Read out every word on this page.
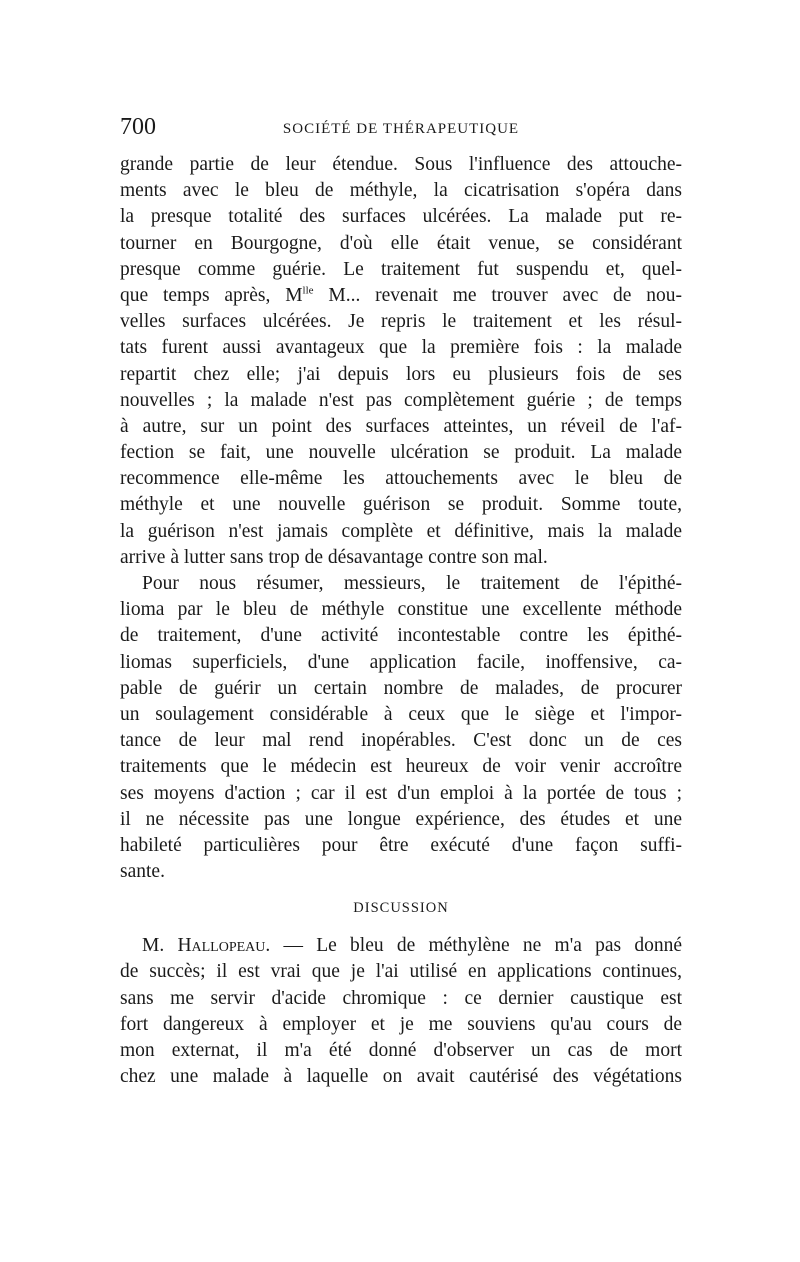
700	SOCIÉTÉ DE THÉRAPEUTIQUE
grande partie de leur étendue. Sous l'influence des attouche-
ments avec le bleu de méthyle, la cicatrisation s'opéra dans
la presque totalité des surfaces ulcérées. La malade put re-
tourner en Bourgogne, d'où elle était venue, se considérant
presque comme guérie. Le traitement fut suspendu et, quel-
que temps après, $M^{lle}$ M... revenait me trouver avec de nou-
velles surfaces ulcérées. Je repris le traitement et les résul-
tats furent aussi avantageux que la première fois : la malade
repartit chez elle; j'ai depuis lors eu plusieurs fois de ses
nouvelles ; la malade n'est pas complètement guérie ; de temps
à autre, sur un point des surfaces atteintes, un réveil de l'af-
fection se fait, une nouvelle ulcération se produit. La malade
recommence elle-même les attouchements avec le bleu de
méthyle et une nouvelle guérison se produit. Somme toute,
la guérison n'est jamais complète et définitive, mais la malade
arrive à lutter sans trop de désavantage contre son mal.
Pour nous résumer, messieurs, le traitement de l'épithé-
lioma par le bleu de méthyle constitue une excellente méthode
de traitement, d'une activité incontestable contre les épithé-
liomas superficiels, d'une application facile, inoffensive, ca-
pable de guérir un certain nombre de malades, de procurer
un soulagement considérable à ceux que le siège et l'impor-
tance de leur mal rend inopérables. C'est donc un de ces
traitements que le médecin est heureux de voir venir accroître
ses moyens d'action ; car il est d'un emploi à la portée de tous ;
il ne nécessite pas une longue expérience, des études et une
habileté particulières pour être exécuté d'une façon suffi-
sante.
DISCUSSION
M. Hallopeau. — Le bleu de méthylène ne m'a pas donné
de succès; il est vrai que je l'ai utilisé en applications continues,
sans me servir d'acide chromique : ce dernier caustique est
fort dangereux à employer et je me souviens qu'au cours de
mon externat, il m'a été donné d'observer un cas de mort
chez une malade à laquelle on avait cautérisé des végétations
